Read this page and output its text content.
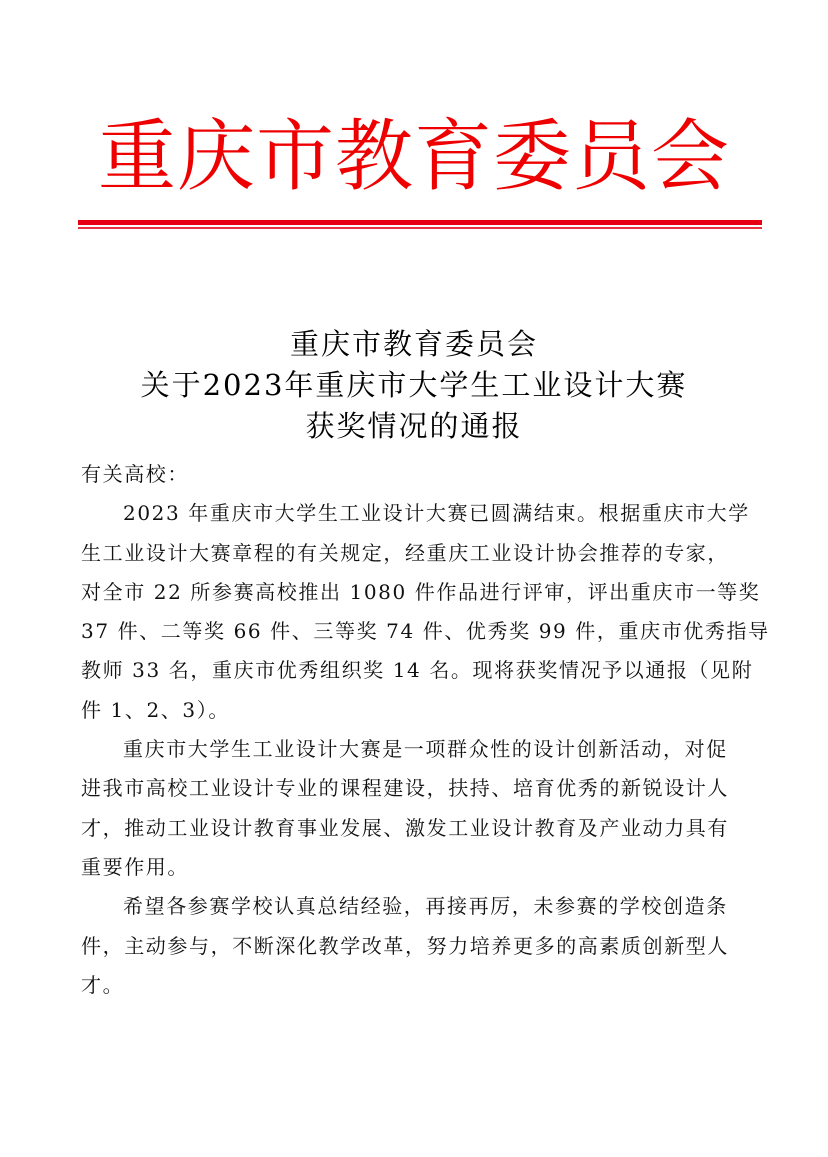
重庆市教育委员会
重庆市教育委员会
关于2023年重庆市大学生工业设计大赛
获奖情况的通报
有关高校：
2023 年重庆市大学生工业设计大赛已圆满结束。根据重庆市大学
生工业设计大赛章程的有关规定，经重庆工业设计协会推荐的专家，
对全市 22 所参赛高校推出 1080 件作品进行评审，评出重庆市一等奖
37 件、二等奖 66 件、三等奖 74 件、优秀奖 99 件，重庆市优秀指导
教师 33 名，重庆市优秀组织奖 14 名。现将获奖情况予以通报（见附
件 1、2、3）。
重庆市大学生工业设计大赛是一项群众性的设计创新活动，对促
进我市高校工业设计专业的课程建设，扶持、培育优秀的新锐设计人
才，推动工业设计教育事业发展、激发工业设计教育及产业动力具有
重要作用。
希望各参赛学校认真总结经验，再接再厉，未参赛的学校创造条
件，主动参与，不断深化教学改革，努力培养更多的高素质创新型人
才。
